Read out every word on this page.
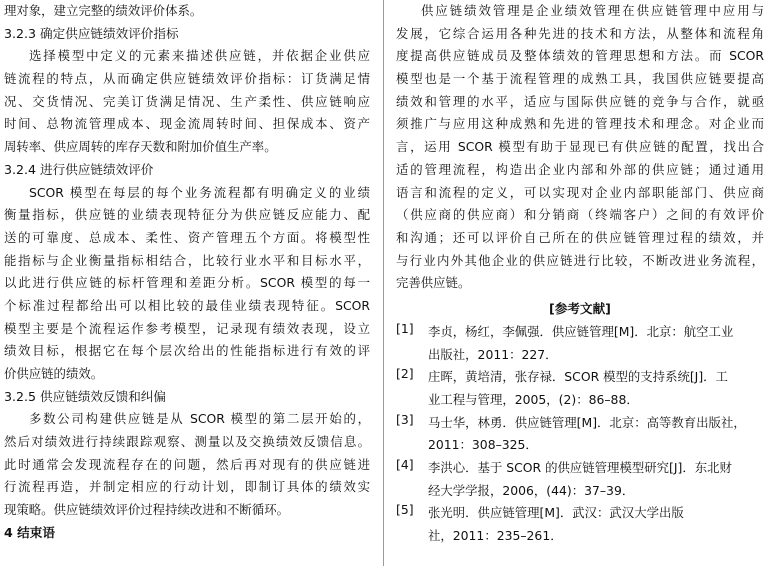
理对象，建立完整的绩效评价体系。
3.2.3 确定供应链绩效评价指标
选择模型中定义的元素来描述供应链，并依据企业供应
链流程的特点，从而确定供应链绩效评价指标：订货满足情
况、交货情况、完美订货满足情况、生产柔性、供应链响应
时间、总物流管理成本、现金流周转时间、担保成本、资产
周转率、供应周转的库存天数和附加价值生产率。
3.2.4 进行供应链绩效评价
SCOR 模型在每层的每个业务流程都有明确定义的业绩
衡量指标，供应链的业绩表现特征分为供应链反应能力、配
送的可靠度、总成本、柔性、资产管理五个方面。将模型性
能指标与企业衡量指标相结合，比较行业水平和目标水平，
以此进行供应链的标杆管理和差距分析。SCOR 模型的每一
个标准过程都给出可以相比较的最佳业绩表现特征。SCOR
模型主要是个流程运作参考模型，记录现有绩效表现，设立
绩效目标，根据它在每个层次给出的性能指标进行有效的评
价供应链的绩效。
3.2.5 供应链绩效反馈和纠偏
多数公司构建供应链是从 SCOR 模型的第二层开始的，
然后对绩效进行持续跟踪观察、测量以及交换绩效反馈信息。
此时通常会发现流程存在的问题，然后再对现有的供应链进
行流程再造，并制定相应的行动计划，即制订具体的绩效实
现策略。供应链绩效评价过程持续改进和不断循环。
4 结束语
供应链绩效管理是企业绩效管理在供应链管理中应用与
发展，它综合运用各种先进的技术和方法，从整体和流程角
度提高供应链成员及整体绩效的管理思想和方法。而 SCOR
模型也是一个基于流程管理的成熟工具，我国供应链要提高
绩效和管理的水平，适应与国际供应链的竞争与合作，就亟
须推广与应用这种成熟和先进的管理技术和理念。对企业而
言，运用 SCOR 模型有助于显现已有供应链的配置，找出合
适的管理流程，构造出企业内部和外部的供应链；通过通用
语言和流程的定义，可以实现对企业内部职能部门、供应商
（供应商的供应商）和分销商（终端客户）之间的有效评价
和沟通；还可以评价自己所在的供应链管理过程的绩效，并
与行业内外其他企业的供应链进行比较，不断改进业务流程，
完善供应链。
[参考文献]
[1] 李贞，杨红，李佩强．供应链管理[M]．北京：航空工业
出版社，2011：227．
[2] 庄晖，黄培清，张存禄．SCOR 模型的支持系统[J]．工
业工程与管理，2005，(2)：86–88．
[3] 马士华，林勇．供应链管理[M]．北京：高等教育出版社，
2011：308–325．
[4] 李洪心．基于 SCOR 的供应链管理模型研究[J]．东北财
经大学学报，2006，(44)：37–39．
[5] 张光明．供应链管理[M]．武汉：武汉大学出版
社，2011：235–261．
